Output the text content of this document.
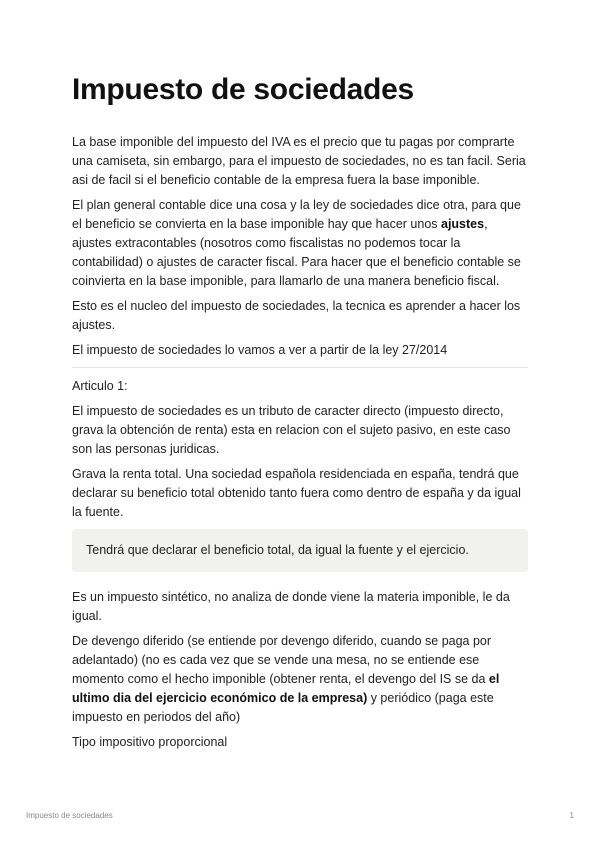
Impuesto de sociedades

La base imponible del impuesto del IVA es el precio que tu pagas por comprarte una camiseta, sin embargo, para el impuesto de sociedades, no es tan facil. Seria asi de facil si el beneficio contable de la empresa fuera la base imponible.

El plan general contable dice una cosa y la ley de sociedades dice otra, para que el beneficio se convierta en la base imponible hay que hacer unos ajustes, ajustes extracontables (nosotros como fiscalistas no podemos tocar la contabilidad) o ajustes de caracter fiscal. Para hacer que el beneficio contable se coinvierta en la base imponible, para llamarlo de una manera beneficio fiscal.

Esto es el nucleo del impuesto de sociedades, la tecnica es aprender a hacer los ajustes.

El impuesto de sociedades lo vamos a ver a partir de la ley 27/2014

Articulo 1:

El impuesto de sociedades es un tributo de caracter directo (impuesto directo, grava la obtención de renta) esta en relacion con el sujeto pasivo, en este caso son las personas juridicas.

Grava la renta total. Una sociedad española residenciada en españa, tendrá que declarar su beneficio total obtenido tanto fuera como dentro de españa y da igual la fuente.

Tendrá que declarar el beneficio total, da igual la fuente y el ejercicio.

Es un impuesto sintético, no analiza de donde viene la materia imponible, le da igual.

De devengo diferido (se entiende por devengo diferido, cuando se paga por adelantado) (no es cada vez que se vende una mesa, no se entiende ese momento como el hecho imponible (obtener renta, el devengo del IS se da el ultimo dia del ejercicio económico de la empresa) y periódico (paga este impuesto en periodos del año)

Tipo impositivo proporcional

Impuesto de sociedades	1
